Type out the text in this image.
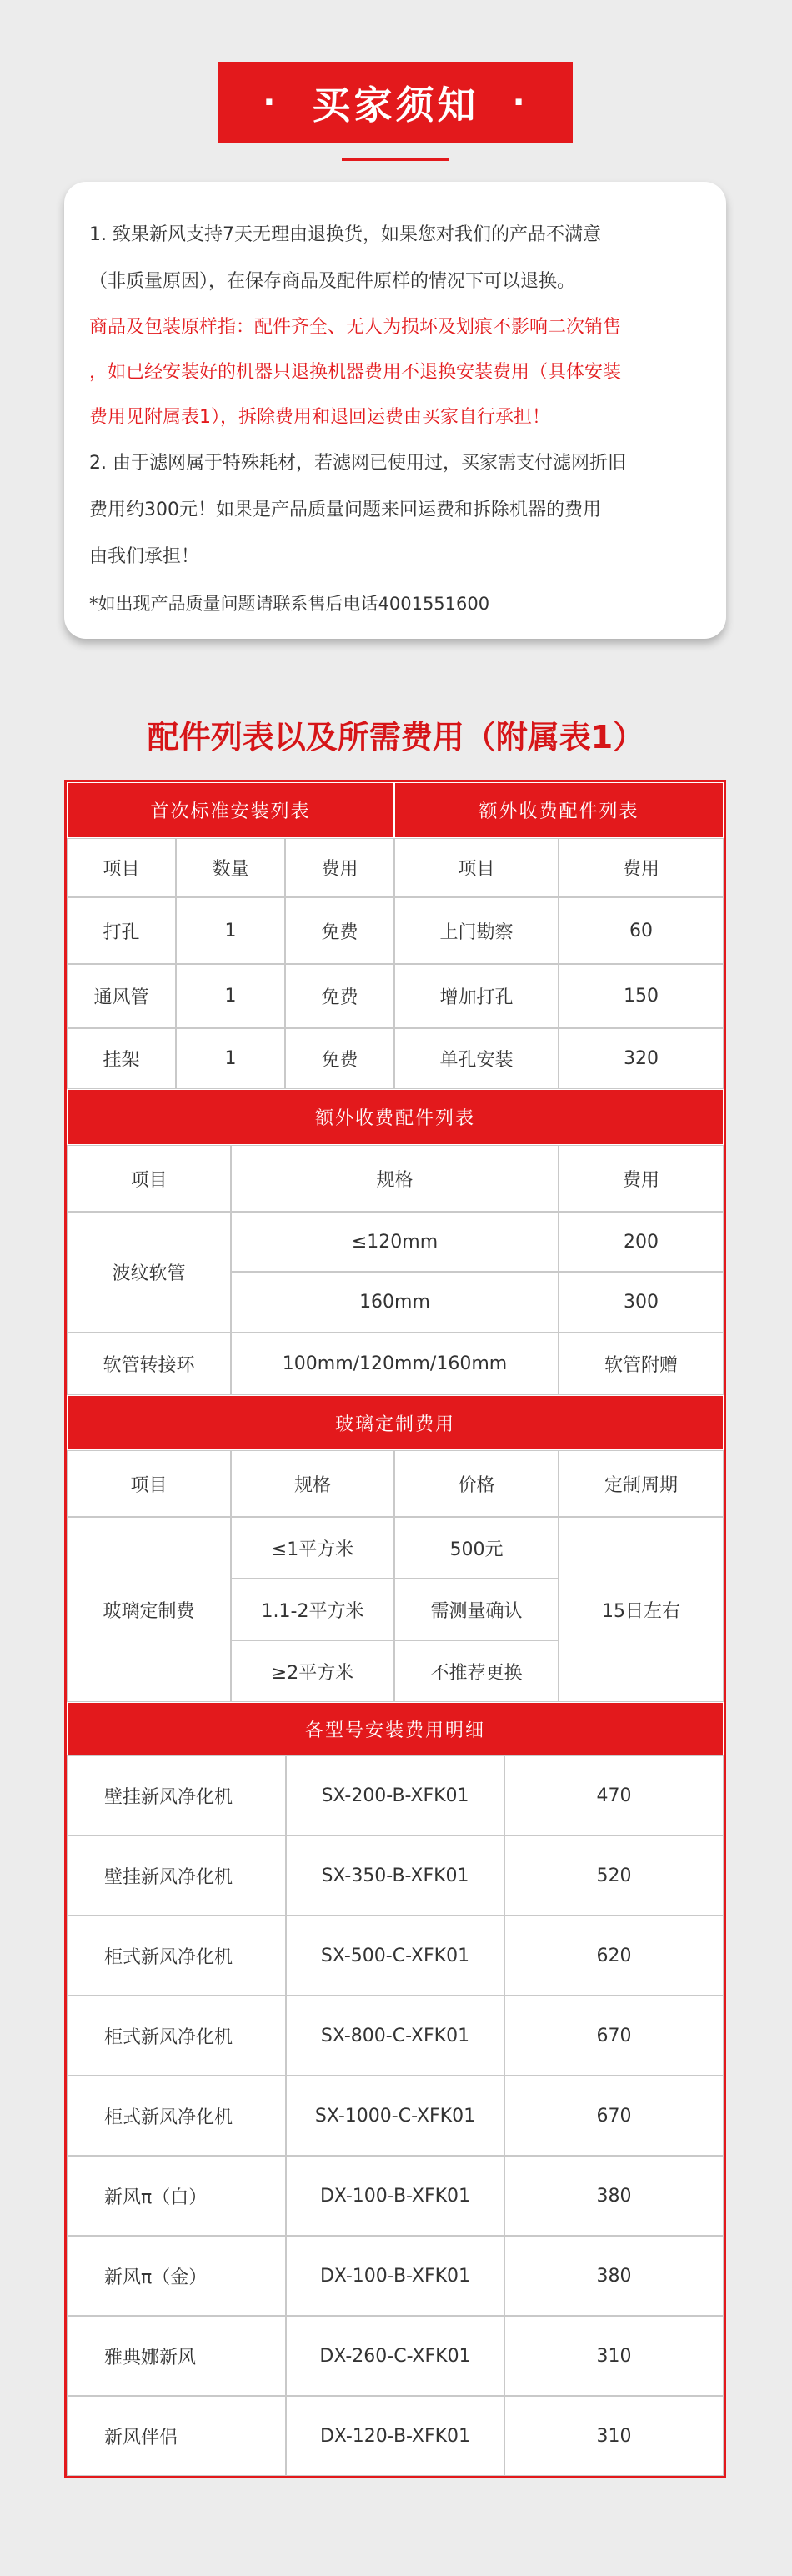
· 买家须知 ·

1. 致果新风支持7天无理由退换货，如果您对我们的产品不满意

（非质量原因），在保存商品及配件原样的情况下可以退换。

商品及包装原样指：配件齐全、无人为损坏及划痕不影响二次销售

，如已经安装好的机器只退换机器费用不退换安装费用（具体安装

费用见附属表1），拆除费用和退回运费由买家自行承担！

2. 由于滤网属于特殊耗材，若滤网已使用过，买家需支付滤网折旧

费用约300元！如果是产品质量问题来回运费和拆除机器的费用

由我们承担！

*如出现产品质量问题请联系售后电话4001551600

配件列表以及所需费用（附属表1）
首次标准安装列表	额外收费配件列表
项目	数量	费用	项目	费用
打孔	1	免费	上门勘察	60
通风管	1	免费	增加打孔	150
挂架	1	免费	单孔安装	320
额外收费配件列表
项目	规格	费用
波纹软管
≤120mm	200
160mm	300
软管转接环	100mm/120mm/160mm	软管附赠
玻璃定制费用
项目	规格	价格	定制周期
玻璃定制费
≤1平方米	500元
15日左右
1.1-2平方米	需测量确认
≥2平方米	不推荐更换
各型号安装费用明细
壁挂新风净化机	SX-200-B-XFK01	470
壁挂新风净化机	SX-350-B-XFK01	520
柜式新风净化机	SX-500-C-XFK01	620
柜式新风净化机	SX-800-C-XFK01	670
柜式新风净化机	SX-1000-C-XFK01	670
新风π（白）	DX-100-B-XFK01	380
新风π（金）	DX-100-B-XFK01	380
雅典娜新风	DX-260-C-XFK01	310
新风伴侣	DX-120-B-XFK01	310
